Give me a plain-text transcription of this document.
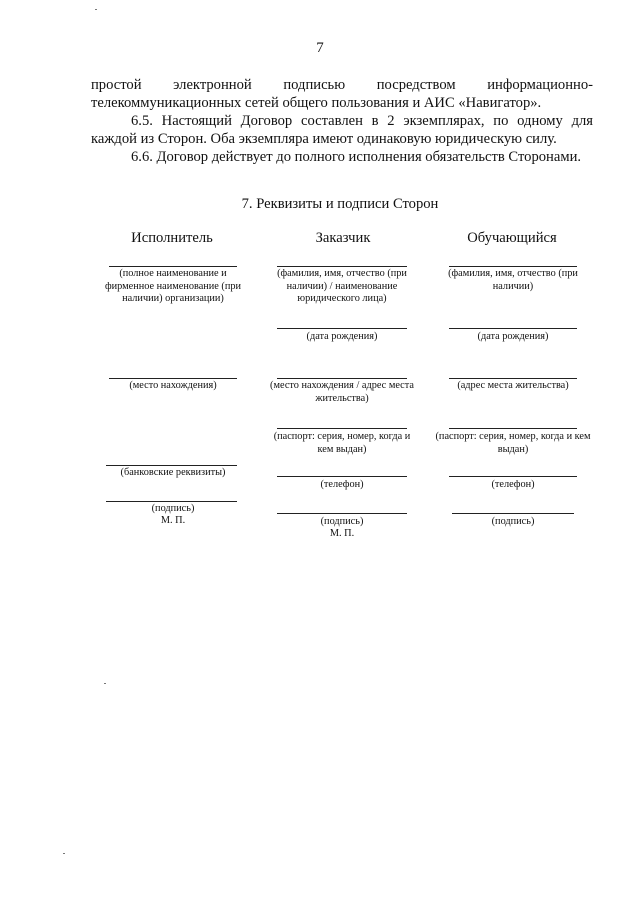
7

простой электронной подписью посредством информационно-

телекоммуникационных сетей общего пользования и АИС «Навигатор».

6.5. Настоящий Договор составлен в 2 экземплярах, по одному для каждой из Сторон. Оба экземпляра имеют одинаковую юридическую силу.

6.6. Договор действует до полного исполнения обязательств Сторонами.

7. Реквизиты и подписи Сторон
Исполнитель	Заказчик	Обучающийся
(полное наименование и фирменное наименование (при наличии) организации)
(место нахождения)
(банковские реквизиты)
(подпись)
М. П.
(фамилия, имя, отчество (при наличии) / наименование юридического лица)
(дата рождения)
(место нахождения / адрес места жительства)
(паспорт: серия, номер, когда и кем выдан)
(телефон)
(подпись)
М. П.
(фамилия, имя, отчество (при наличии)
(дата рождения)
(адрес места жительства)
(паспорт: серия, номер, когда и кем выдан)
(телефон)
(подпись)
